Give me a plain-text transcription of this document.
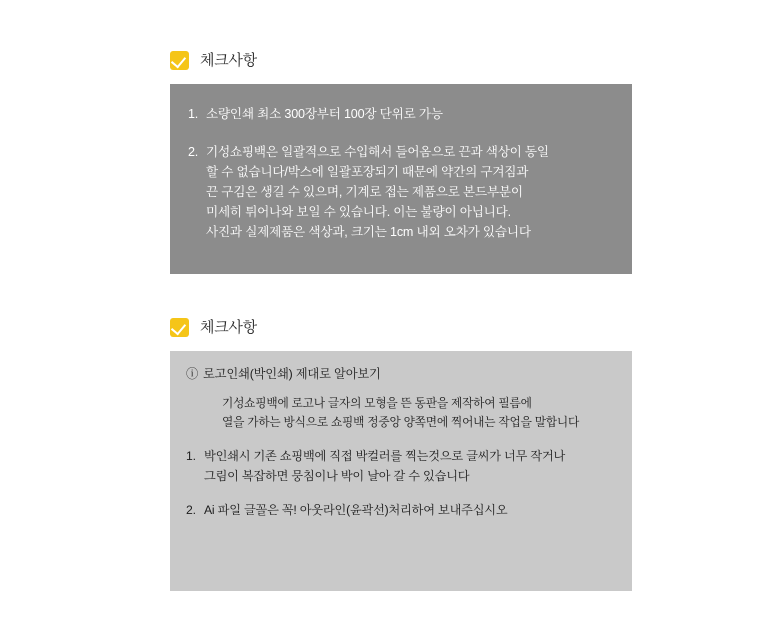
체크사항
1. 소량인쇄 최소 300장부터 100장 단위로 가능
2. 기성쇼핑백은 일괄적으로 수입해서 들어옴으로 끈과 색상이 동일
할 수 없습니다/박스에 일괄포장되기 때문에 약간의 구겨짐과
끈 구김은 생길 수 있으며, 기계로 접는 제품으로 본드부분이
미세히 튀어나와 보일 수 있습니다. 이는 불량이 아닙니다.
사진과 실제제품은 색상과, 크기는 1cm 내외 오차가 있습니다
체크사항
ⓘ 로고인쇄(박인쇄) 제대로 알아보기
기성쇼핑백에 로고나 글자의 모형을 뜬 동판을 제작하여 필름에
열을 가하는 방식으로 쇼핑백 정중앙 양쪽면에 찍어내는 작업을 말합니다
1. 박인쇄시 기존 쇼핑백에 직접 박컬러를 찍는것으로 글씨가 너무 작거나
그림이 복잡하면 뭉침이나 박이 날아 갈 수 있습니다
2. Ai 파일 글꼴은 꼭! 아웃라인(윤곽선)처리하여 보내주십시오
